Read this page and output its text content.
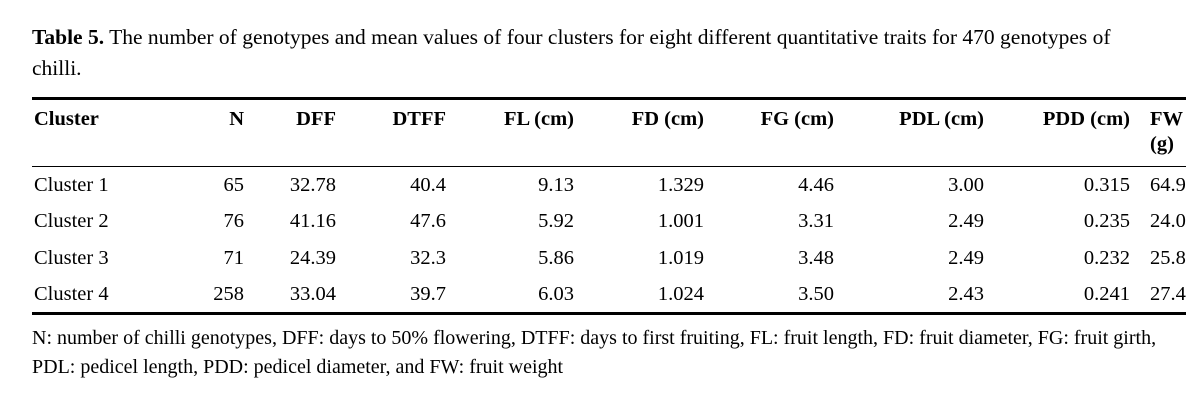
Table 5. The number of genotypes and mean values of four clusters for eight different quantitative traits for 470 genotypes of chilli.
Cluster	N	DFF	DTFF	FL (cm)	FD (cm)	FG (cm)	PDL (cm)	PDD (cm)	FW
(g)

Cluster 1	65	32.78	40.4	9.13	1.329	4.46	3.00	0.315	64.9
Cluster 2	76	41.16	47.6	5.92	1.001	3.31	2.49	0.235	24.0
Cluster 3	71	24.39	32.3	5.86	1.019	3.48	2.49	0.232	25.8
Cluster 4	258	33.04	39.7	6.03	1.024	3.50	2.43	0.241	27.4
N: number of chilli genotypes, DFF: days to 50% flowering, DTFF: days to first fruiting, FL: fruit length, FD: fruit diameter, FG: fruit girth, PDL: pedicel length, PDD: pedicel diameter, and FW: fruit weight
